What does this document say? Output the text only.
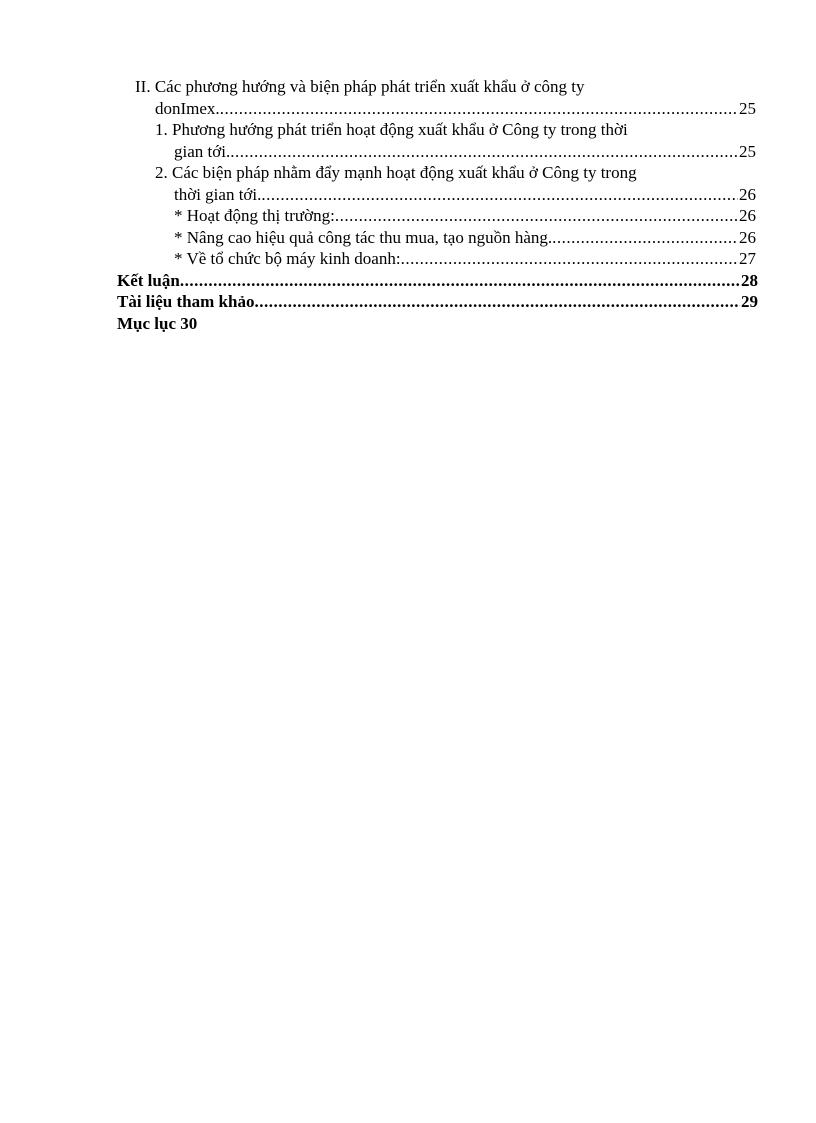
II. Các phương hướng và biện pháp phát triển xuất khẩu ở công ty
donImex. .....	25
1. Phương hướng phát triển hoạt động xuất khẩu ở Công ty trong thời
gian tới. .....	25
2. Các biện pháp nhằm đẩy mạnh hoạt động xuất khẩu ở Công ty trong
thời gian tới. .....	26
* Hoạt động thị trường: .....	26
* Nâng cao hiệu quả công tác thu mua, tạo nguồn hàng. .....	26
* Về tổ chức bộ máy kinh doanh: .....	27
Kết luận .....	28
Tài liệu tham khảo .....	29
Mục lục 30
